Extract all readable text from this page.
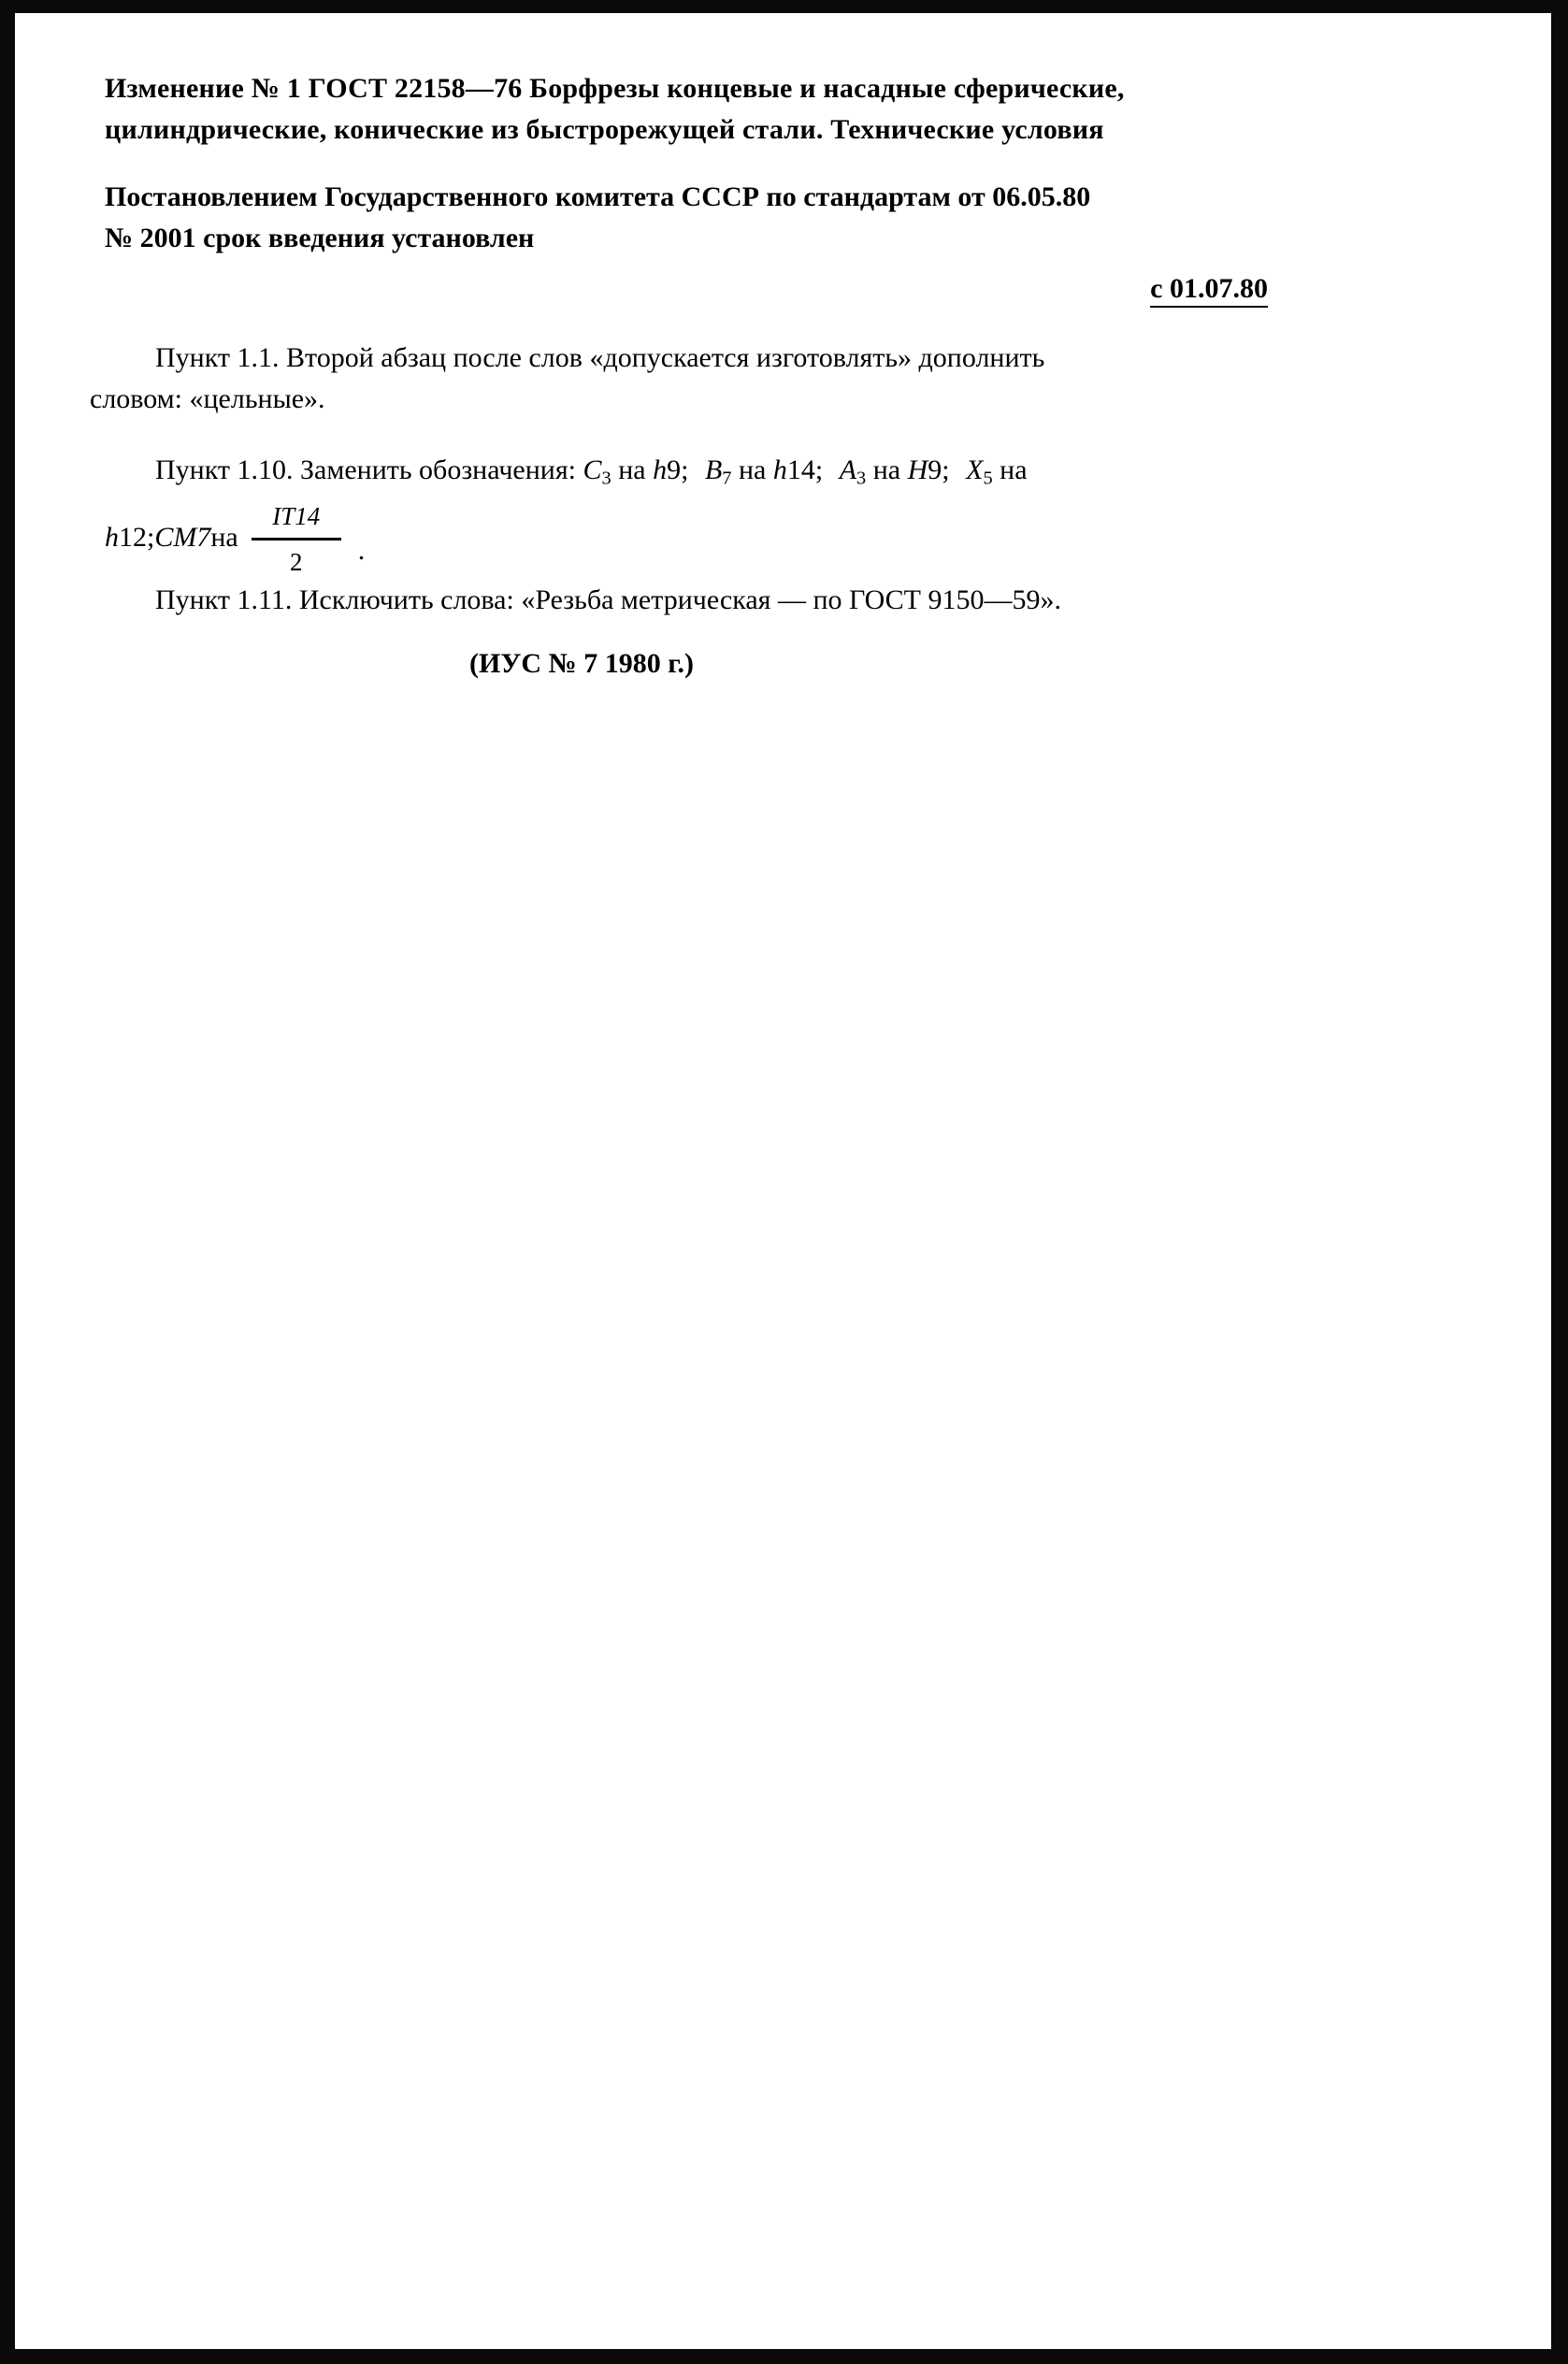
Изменение № 1 ГОСТ 22158—76 Борфрезы концевые и насадные сферические,
цилиндрические, конические из быстрорежущей стали. Технические условия
Постановлением Государственного комитета СССР по стандартам от 06.05.80
№ 2001 срок введения установлен
с 01.07.80
Пункт 1.1. Второй абзац после слов «допускается изготовлять» дополнить
словом: «цельные».
Пункт 1.10. Заменить обозначения: $C_3$ на h9; $B_7$ на h14; $A_3$ на H9; $X_5$ на
h 12; CM7 на $\frac{IT14}{2}$ .
Пункт 1.11. Исключить слова: «Резьба метрическая — по ГОСТ 9150—59».
(ИУС № 7 1980 г.)
